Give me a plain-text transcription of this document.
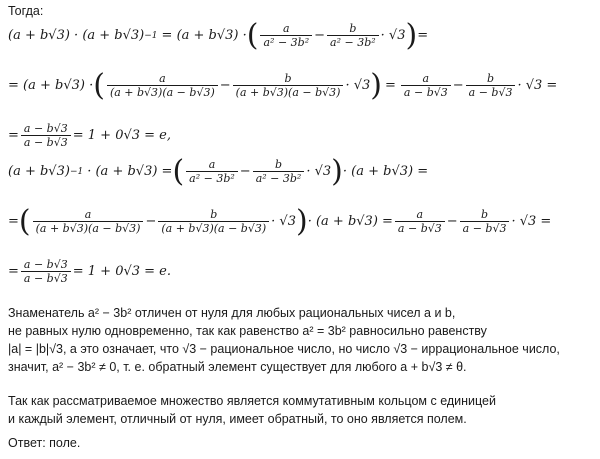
Тогда:
(a + b√3) · (a + b√3) −1 = (a + b√3) · ( $\frac{a}{\text{a² − 3b²}} - \frac{b}{\text{a² − 3b²}} \cdot √3$ ) =
= (a + b√3) · ( $\frac{a}{(a + b√3)(a - b√3)} - \frac{b}{(a + b√3)(a - b√3)} \cdot √3$ ) = $\frac{a}{a - b√3} - \frac{b}{a - b√3} \cdot √3$ =
= $\frac{a - b√3}{a - b√3} = 1 + 0√3 = e$,
(a + b√3) −1 · (a + b√3) = ( $\frac{a}{\text{a² − 3b²}} - \frac{b}{\text{a² − 3b²}} \cdot √3$ ) · (a + b√3) =
= ( $\frac{a}{(a + b√3)(a - b√3)} - \frac{b}{(a + b√3)(a - b√3)} \cdot √3$ ) · $(a + b√3) = \frac{a}{a - b√3} - \frac{b}{a - b√3} \cdot √3$ =
= $\frac{a - b√3}{a - b√3} = 1 + 0√3 = e$.
Знаменатель a² − 3b² отличен от нуля для любых рациональных чисел a и b,
не равных нулю одновременно, так как равенство a² = 3b² равносильно равенству
|a| = |b|√3, а это означает, что √3 − рациональное число, но число √3 − иррациональное число,
значит, a² − 3b² ≠ 0, т. е. обратный элемент существует для любого a + b√3 ≠ θ.
Так как рассматриваемое множество является коммутативным кольцом с единицей
и каждый элемент, отличный от нуля, имеет обратный, то оно является полем.
Ответ: поле.
